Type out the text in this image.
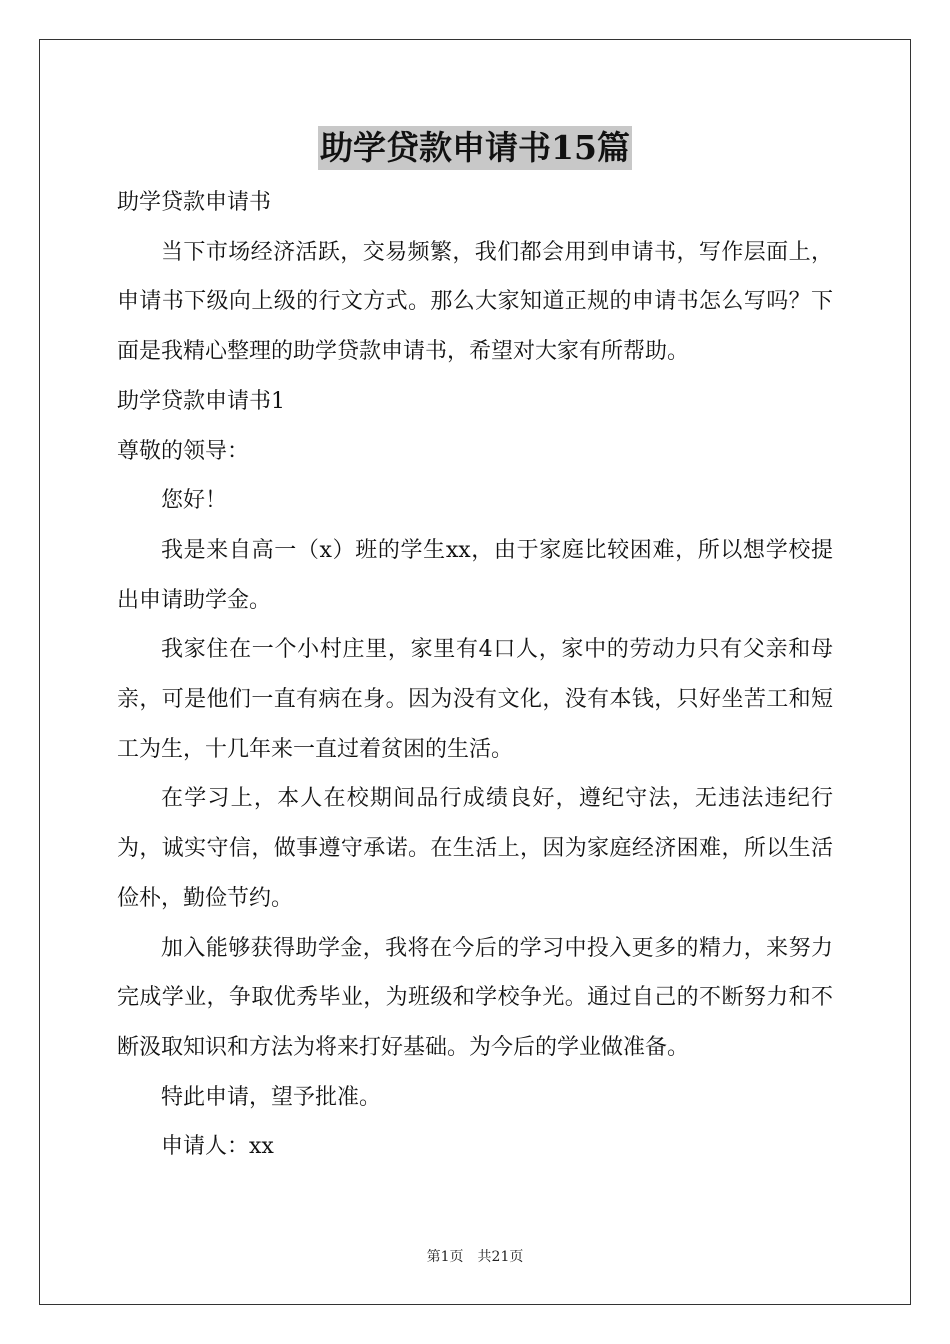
助学贷款申请书15篇

助学贷款申请书

当下市场经济活跃，交易频繁，我们都会用到申请书，写作层面上，申请书下级向上级的行文方式。那么大家知道正规的申请书怎么写吗？下面是我精心整理的助学贷款申请书，希望对大家有所帮助。

助学贷款申请书1

尊敬的领导：

您好！

我是来自高一（x）班的学生xx，由于家庭比较困难，所以想学校提出申请助学金。

我家住在一个小村庄里，家里有4口人，家中的劳动力只有父亲和母亲，可是他们一直有病在身。因为没有文化，没有本钱，只好坐苦工和短工为生，十几年来一直过着贫困的生活。

在学习上，本人在校期间品行成绩良好，遵纪守法，无违法违纪行为，诚实守信，做事遵守承诺。在生活上，因为家庭经济困难，所以生活俭朴，勤俭节约。

加入能够获得助学金，我将在今后的学习中投入更多的精力，来努力完成学业，争取优秀毕业，为班级和学校争光。通过自己的不断努力和不断汲取知识和方法为将来打好基础。为今后的学业做准备。

特此申请，望予批准。

申请人：xx

第1页 共21页
